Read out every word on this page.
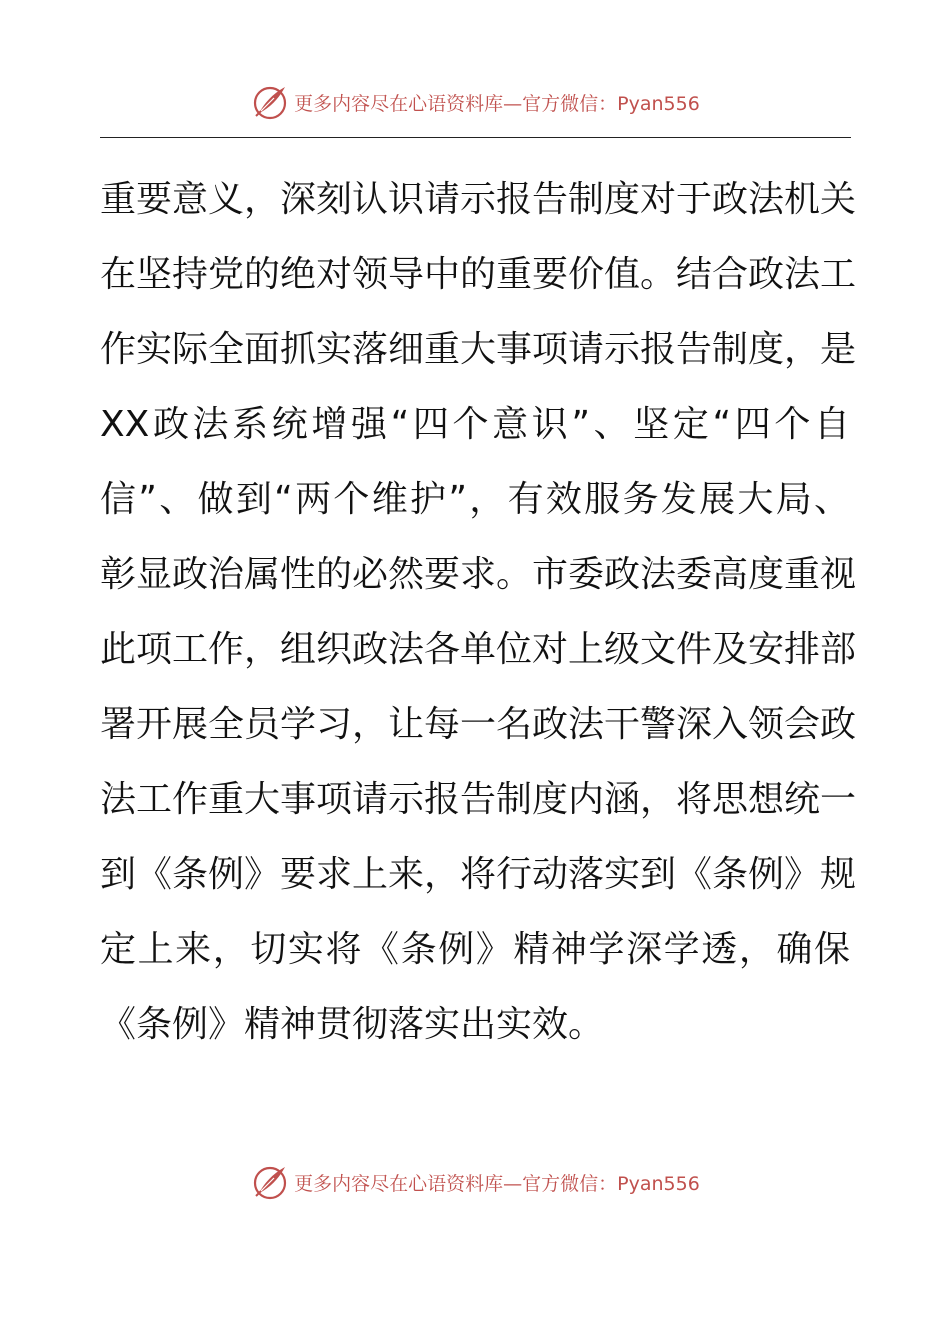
更多内容尽在心语资料库—官方微信：Pyan556
重要意义，深刻认识请示报告制度对于政法机关
在坚持党的绝对领导中的重要价值。结合政法工
作实际全面抓实落细重大事项请示报告制度，是
XX政法系统增强“四个意识”、坚定“四个自
信”、做到“两个维护”，有效服务发展大局、
彰显政治属性的必然要求。市委政法委高度重视
此项工作，组织政法各单位对上级文件及安排部
署开展全员学习，让每一名政法干警深入领会政
法工作重大事项请示报告制度内涵，将思想统一
到《条例》要求上来，将行动落实到《条例》规
定上来，切实将《条例》精神学深学透，确保
《条例》精神贯彻落实出实效。
更多内容尽在心语资料库—官方微信：Pyan556
